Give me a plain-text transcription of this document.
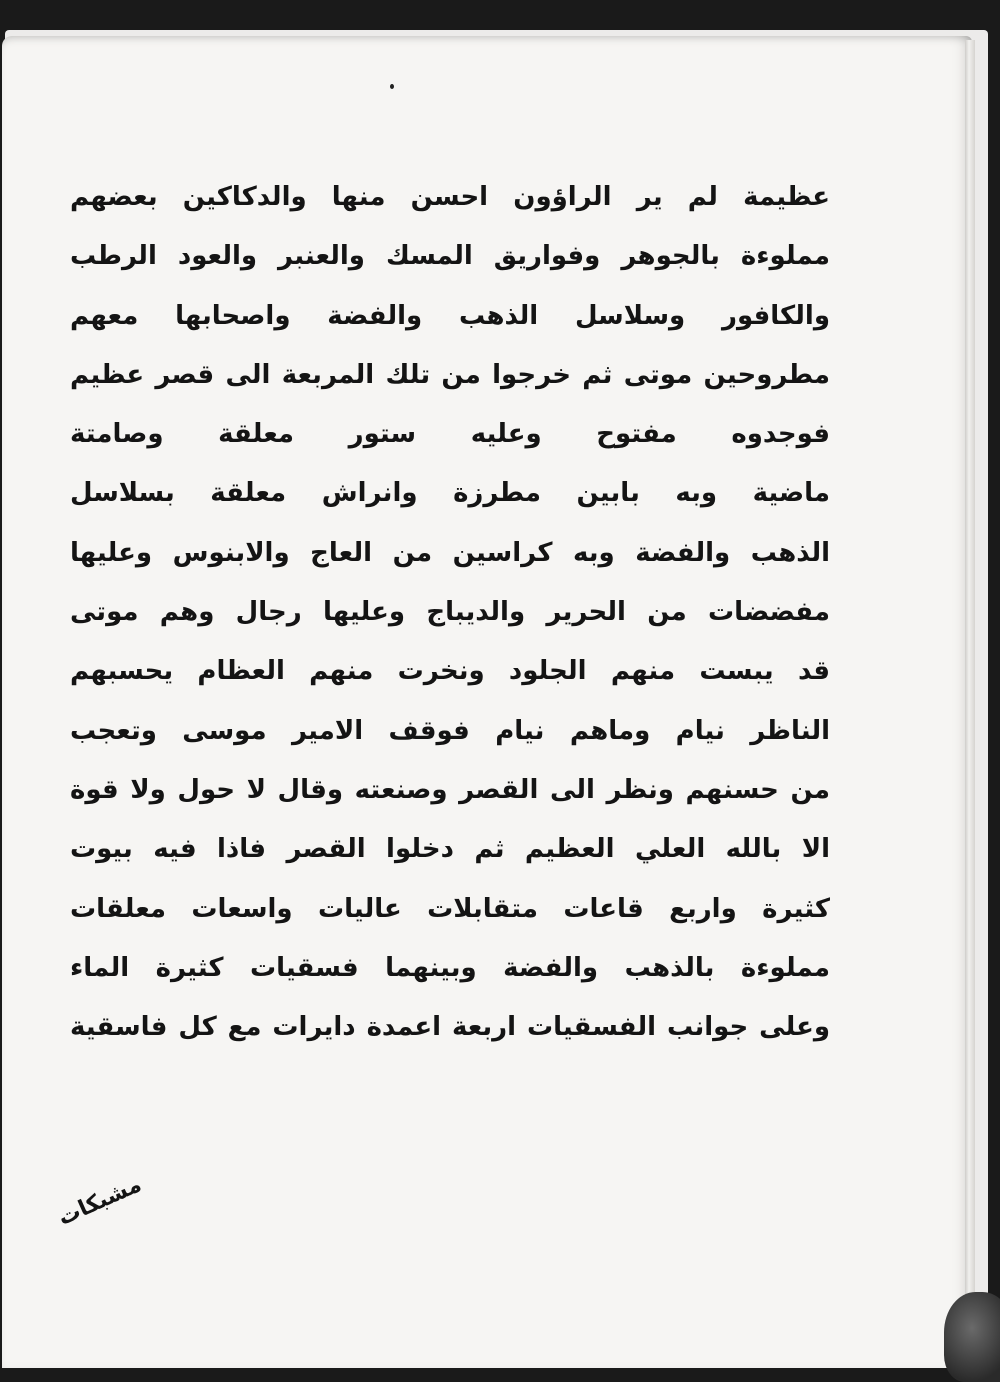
عظيمة لم ير الراؤون احسن منها والدكاكين بعضهم
مملوءة بالجوهر وفواريق المسك والعنبر والعود الرطب
والكافور وسلاسل الذهب والفضة واصحابها معهم
مطروحين موتى ثم خرجوا من تلك المربعة الى قصر عظيم
فوجدوه مفتوح وعليه ستور معلقة وصامتة
ماضية وبه بابين مطرزة وانراش معلقة بسلاسل
الذهب والفضة وبه كراسين من العاج والابنوس وعليها
مفضضات من الحرير والديباج وعليها رجال وهم موتى
قد يبست منهم الجلود ونخرت منهم العظام يحسبهم
الناظر نيام وماهم نيام فوقف الامير موسى وتعجب
من حسنهم ونظر الى القصر وصنعته وقال لا حول ولا قوة
الا بالله العلي العظيم ثم دخلوا القصر فاذا فيه بيوت
كثيرة واربع قاعات متقابلات عاليات واسعات معلقات
مملوءة بالذهب والفضة وبينهما فسقيات كثيرة الماء
وعلى جوانب الفسقيات اربعة اعمدة دايرات مع كل فاسقية
مشبكات
